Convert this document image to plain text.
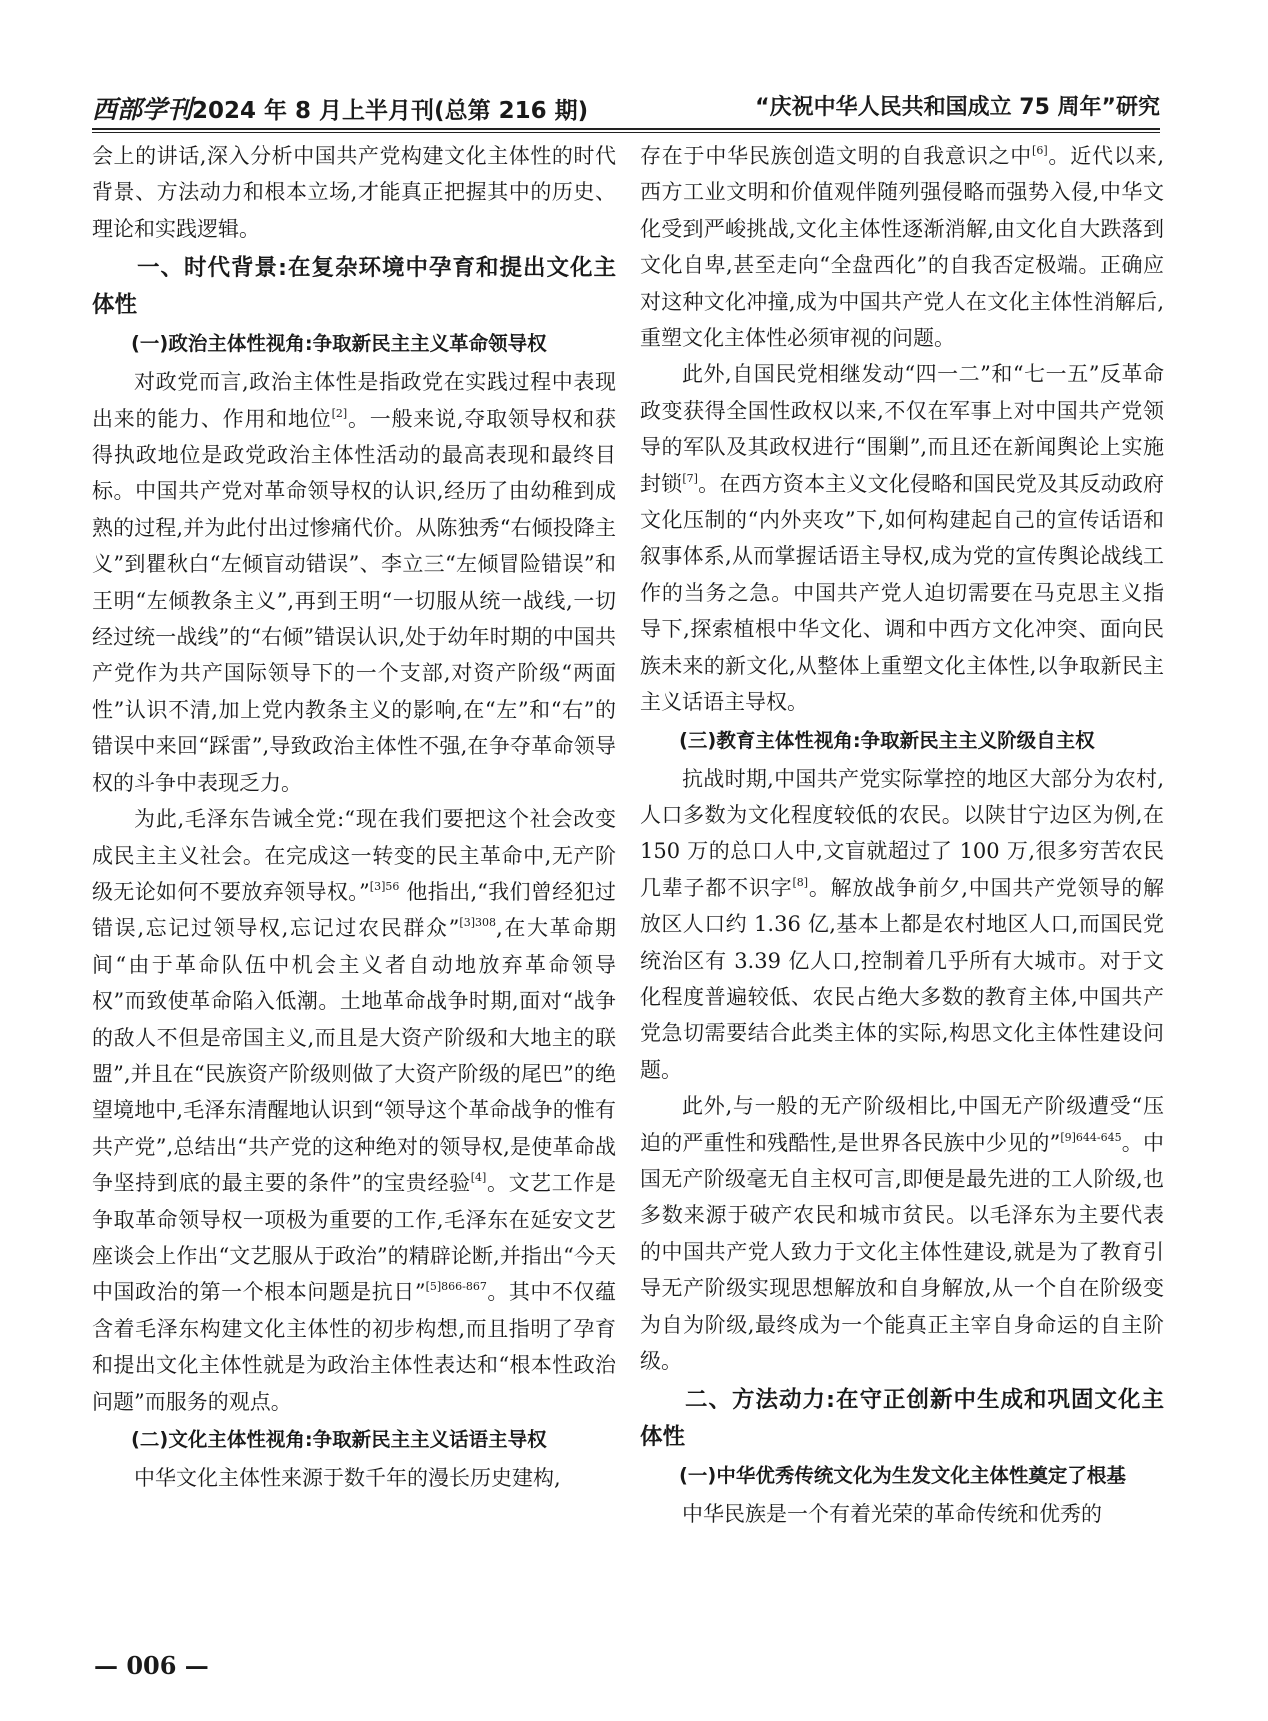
西部学刊2024 年 8 月上半月刊(总第 216 期)	“庆祝中华人民共和国成立 75 周年”研究

会上的讲话,深入分析中国共产党构建文化主体性的时代背景、方法动力和根本立场,才能真正把握其中的历史、理论和实践逻辑。

一、时代背景:在复杂环境中孕育和提出文化主体性

(一)政治主体性视角:争取新民主主义革命领导权

对政党而言,政治主体性是指政党在实践过程中表现出来的能力、作用和地位[2]。一般来说,夺取领导权和获得执政地位是政党政治主体性活动的最高表现和最终目标。中国共产党对革命领导权的认识,经历了由幼稚到成熟的过程,并为此付出过惨痛代价。从陈独秀“右倾投降主义”到瞿秋白“左倾盲动错误”、李立三“左倾冒险错误”和王明“左倾教条主义”,再到王明“一切服从统一战线,一切经过统一战线”的“右倾”错误认识,处于幼年时期的中国共产党作为共产国际领导下的一个支部,对资产阶级“两面性”认识不清,加上党内教条主义的影响,在“左”和“右”的错误中来回“踩雷”,导致政治主体性不强,在争夺革命领导权的斗争中表现乏力。

为此,毛泽东告诫全党:“现在我们要把这个社会改变成民主主义社会。在完成这一转变的民主革命中,无产阶级无论如何不要放弃领导权。”$^{[3]56}$ 他指出,“我们曾经犯过错误,忘记过领导权,忘记过农民群众”$^{[3]308}$,在大革命期间“由于革命队伍中机会主义者自动地放弃革命领导权”而致使革命陷入低潮。土地革命战争时期,面对“战争的敌人不但是帝国主义,而且是大资产阶级和大地主的联盟”,并且在“民族资产阶级则做了大资产阶级的尾巴”的绝望境地中,毛泽东清醒地认识到“领导这个革命战争的惟有共产党”,总结出“共产党的这种绝对的领导权,是使革命战争坚持到底的最主要的条件”的宝贵经验[4]。文艺工作是争取革命领导权一项极为重要的工作,毛泽东在延安文艺座谈会上作出“文艺服从于政治”的精辟论断,并指出“今天中国政治的第一个根本问题是抗日”$^{[5]866-867}$。其中不仅蕴含着毛泽东构建文化主体性的初步构想,而且指明了孕育和提出文化主体性就是为政治主体性表达和“根本性政治问题”而服务的观点。

(二)文化主体性视角:争取新民主主义话语主导权

中华文化主体性来源于数千年的漫长历史建构,

存在于中华民族创造文明的自我意识之中[6]。近代以来,西方工业文明和价值观伴随列强侵略而强势入侵,中华文化受到严峻挑战,文化主体性逐渐消解,由文化自大跌落到文化自卑,甚至走向“全盘西化”的自我否定极端。正确应对这种文化冲撞,成为中国共产党人在文化主体性消解后,重塑文化主体性必须审视的问题。

此外,自国民党相继发动“四一二”和“七一五”反革命政变获得全国性政权以来,不仅在军事上对中国共产党领导的军队及其政权进行“围剿”,而且还在新闻舆论上实施封锁[7]。在西方资本主义文化侵略和国民党及其反动政府文化压制的“内外夹攻”下,如何构建起自己的宣传话语和叙事体系,从而掌握话语主导权,成为党的宣传舆论战线工作的当务之急。中国共产党人迫切需要在马克思主义指导下,探索植根中华文化、调和中西方文化冲突、面向民族未来的新文化,从整体上重塑文化主体性,以争取新民主主义话语主导权。

(三)教育主体性视角:争取新民主主义阶级自主权

抗战时期,中国共产党实际掌控的地区大部分为农村,人口多数为文化程度较低的农民。以陕甘宁边区为例,在 150 万的总口人中,文盲就超过了 100 万,很多穷苦农民几辈子都不识字[8]。解放战争前夕,中国共产党领导的解放区人口约 1.36 亿,基本上都是农村地区人口,而国民党统治区有 3.39 亿人口,控制着几乎所有大城市。对于文化程度普遍较低、农民占绝大多数的教育主体,中国共产党急切需要结合此类主体的实际,构思文化主体性建设问题。

此外,与一般的无产阶级相比,中国无产阶级遭受“压迫的严重性和残酷性,是世界各民族中少见的”$^{[9]644-645}$。中国无产阶级毫无自主权可言,即便是最先进的工人阶级,也多数来源于破产农民和城市贫民。以毛泽东为主要代表的中国共产党人致力于文化主体性建设,就是为了教育引导无产阶级实现思想解放和自身解放,从一个自在阶级变为自为阶级,最终成为一个能真正主宰自身命运的自主阶级。

二、方法动力:在守正创新中生成和巩固文化主体性

(一)中华优秀传统文化为生发文化主体性奠定了根基

中华民族是一个有着光荣的革命传统和优秀的

— 006 —
